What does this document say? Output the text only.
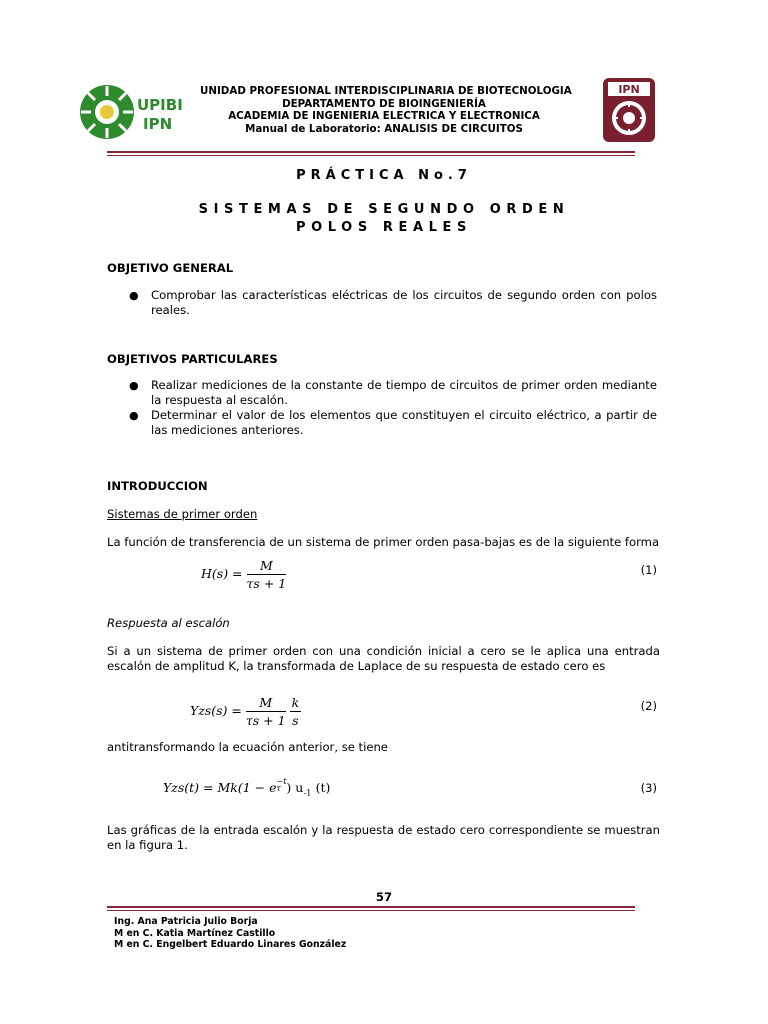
UPIBI
IPN
UNIDAD PROFESIONAL INTERDISCIPLINARIA DE BIOTECNOLOGIA
DEPARTAMENTO DE BIOINGENIERÍA
ACADEMIA DE INGENIERIA ELECTRICA Y ELECTRONICA
Manual de Laboratorio: ANALISIS DE CIRCUITOS
IPN
PRÁCTICA No.7
SISTEMAS DE SEGUNDO ORDEN
POLOS REALES
OBJETIVO GENERAL
● Comprobar las características eléctricas de los circuitos de segundo orden con polos reales.
OBJETIVOS PARTICULARES
● Realizar mediciones de la constante de tiempo de circuitos de primer orden mediante la respuesta al escalón.
● Determinar el valor de los elementos que constituyen el circuito eléctrico, a partir de las mediciones anteriores.
INTRODUCCION
Sistemas de primer orden
La función de transferencia de un sistema de primer orden pasa-bajas es de la siguiente forma
$H(s) = \frac{M}{\tau s + 1}$	(1)
Respuesta al escalón
Si a un sistema de primer orden con una condición inicial a cero se le aplica una entrada escalón de amplitud K, la transformada de Laplace de su respuesta de estado cero es
$Yzs(s) = \frac{M}{\tau s + 1}$
$\frac{k}{s}$	(2)
antitransformando la ecuación anterior, se tiene
Yzs(t) = Mk(1 − e −t
τ ) $u_{-1}$ (t)	(3)
Las gráficas de la entrada escalón y la respuesta de estado cero correspondiente se muestran en la figura 1.
57
Ing. Ana Patricia Julio Borja
M en C. Katia Martínez Castillo
M en C. Engelbert Eduardo Linares González
